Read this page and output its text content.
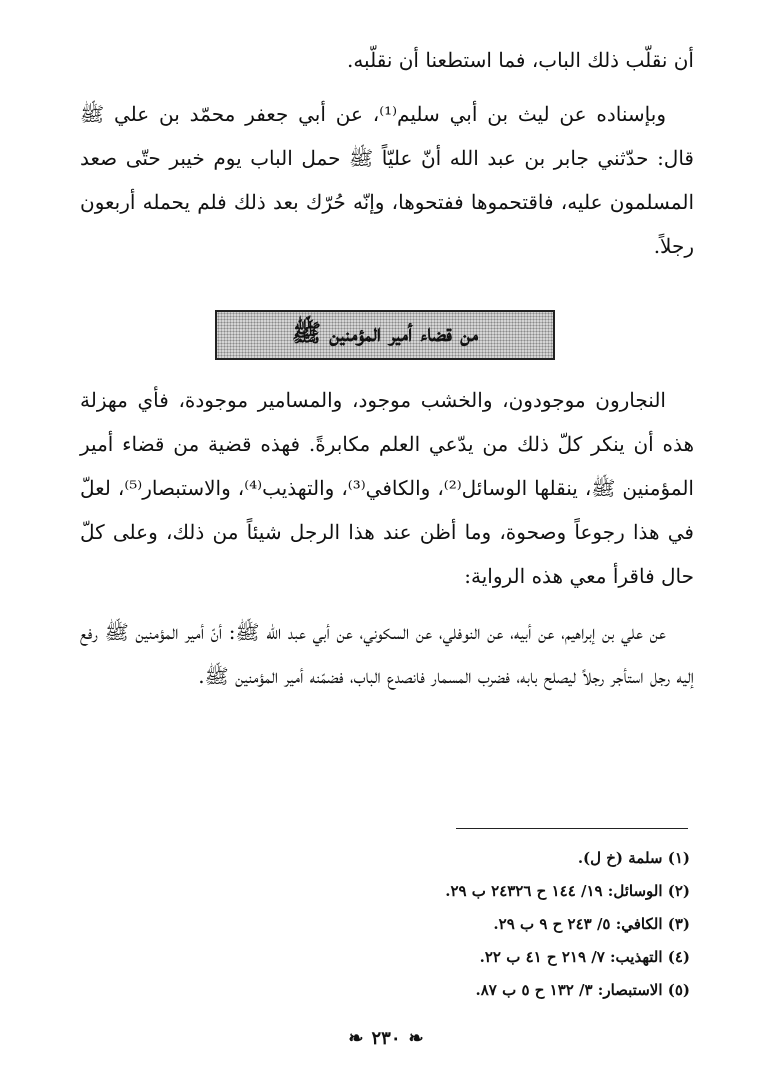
أن نقلّب ذلك الباب، فما استطعنا أن نقلّبه.

وبإسناده عن ليث بن أبي سليم⁽¹⁾، عن أبي جعفر محمّد بن علي ﷺ قال: حدّثني جابر بن عبد الله أنّ عليّاً ﷺ حمل الباب يوم خيبر حتّى صعد المسلمون عليه، فاقتحموها ففتحوها، وإنّه حُرّك بعد ذلك فلم يحمله أربعون رجلاً.

من قضاء أمير المؤمنين ﷺ

النجارون موجودون، والخشب موجود، والمسامير موجودة، فأي مهزلة هذه أن ينكر كلّ ذلك من يدّعي العلم مكابرةً. فهذه قضية من قضاء أمير المؤمنين ﷺ، ينقلها الوسائل⁽²⁾، والكافي⁽³⁾، والتهذيب⁽⁴⁾، والاستبصار⁽⁵⁾، لعلّ في هذا رجوعاً وصحوة، وما أظن عند هذا الرجل شيئاً من ذلك، وعلى كلّ حال فاقرأ معي هذه الرواية:

عن علي بن إبراهيم، عن أبيه، عن النوفلي، عن السكوني، عن أبي عبد الله ﷺ: أنّ أمير المؤمنين ﷺ رفع إليه رجل استأجر رجلاً ليصلح بابه، فضرب المسمار فانصدع الباب، فضمّنه أمير المؤمنين ﷺ.

(١) سلمة (خ ل).
(٢) الوسائل: ١٩/ ١٤٤ ح ٢٤٣٢٦ ب ٢٩.
(٣) الكافي: ٥/ ٢٤٣ ح ٩ ب ٢٩.
(٤) التهذيب: ٧/ ٢١٩ ح ٤١ ب ٢٢.
(٥) الاستبصار: ٣/ ١٣٢ ح ٥ ب ٨٧.
❧ ٢٣٠ ❧
